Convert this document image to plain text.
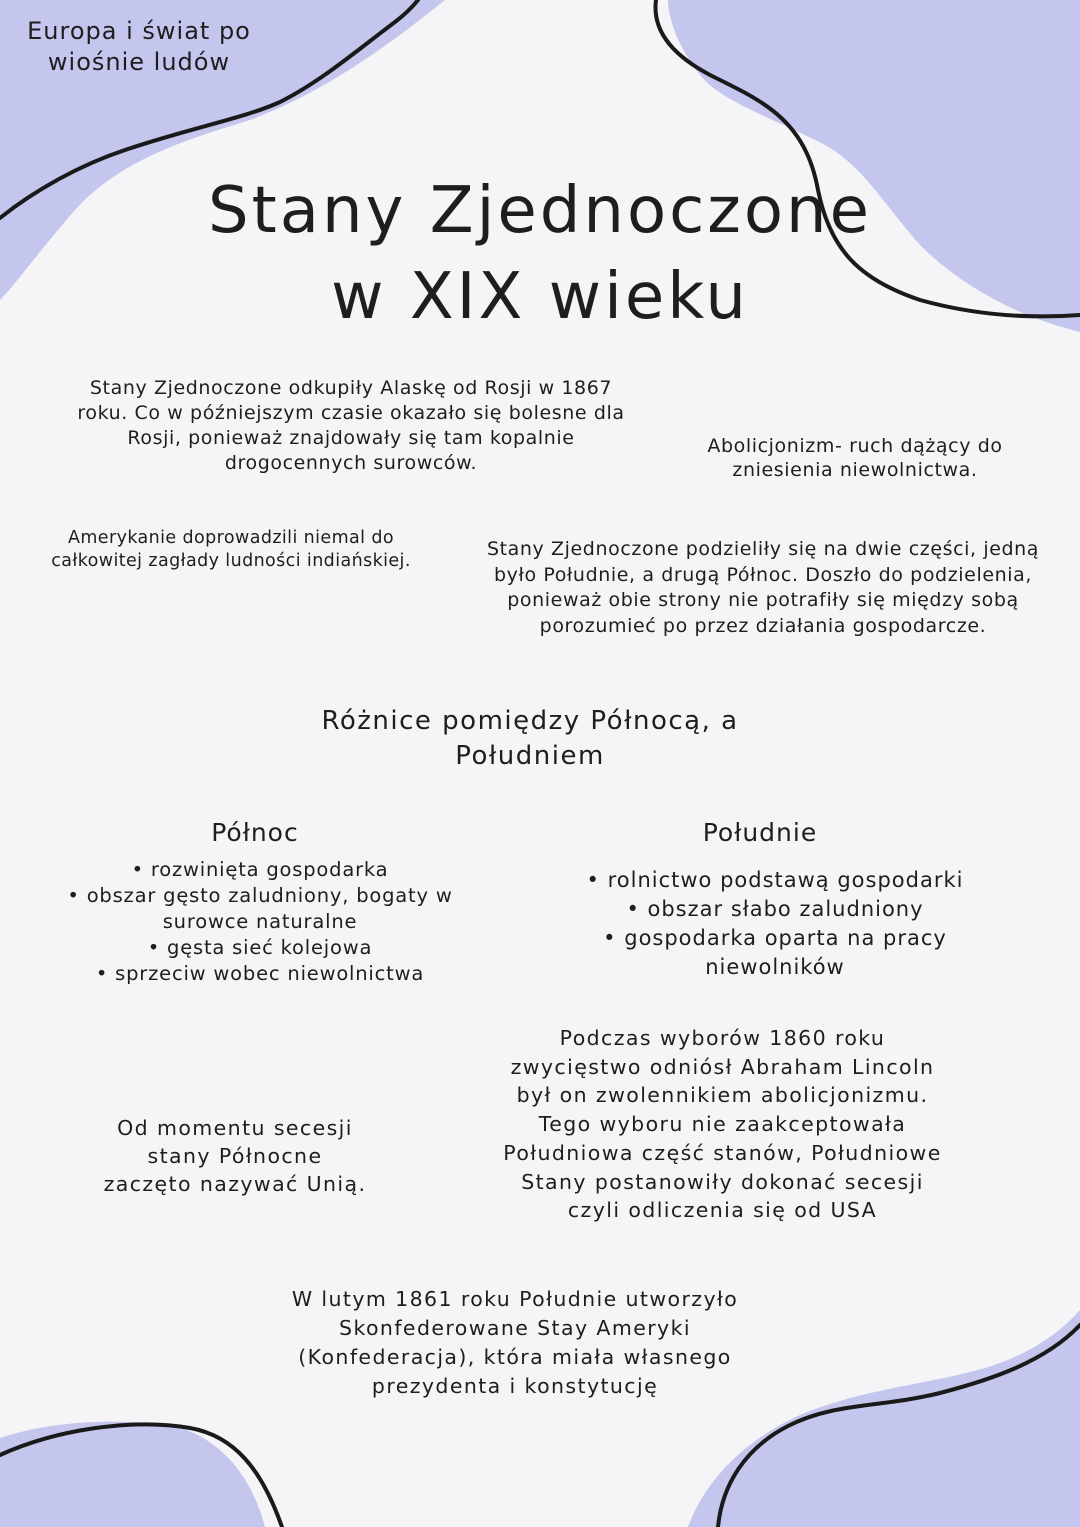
Europa i świat po
wiośnie ludów
Stany Zjednoczone
w XIX wieku
Stany Zjednoczone odkupiły Alaskę od Rosji w 1867
roku. Co w późniejszym czasie okazało się bolesne dla
Rosji, ponieważ znajdowały się tam kopalnie
drogocennych surowców.
Abolicjonizm- ruch dążący do
zniesienia niewolnictwa.
Amerykanie doprowadzili niemal do
całkowitej zagłady ludności indiańskiej.
Stany Zjednoczone podzieliły się na dwie części, jedną
było Południe, a drugą Północ. Doszło do podzielenia,
ponieważ obie strony nie potrafiły się między sobą
porozumieć po przez działania gospodarcze.
Różnice pomiędzy Północą, a
Południem
Północ
• rozwinięta gospodarka
• obszar gęsto zaludniony, bogaty w
surowce naturalne
• gęsta sieć kolejowa
• sprzeciw wobec niewolnictwa
Południe
• rolnictwo podstawą gospodarki
• obszar słabo zaludniony
• gospodarka oparta na pracy
niewolników
Od momentu secesji
stany Północne
zaczęto nazywać Unią.
Podczas wyborów 1860 roku
zwycięstwo odniósł Abraham Lincoln
był on zwolennikiem abolicjonizmu.
Tego wyboru nie zaakceptowała
Południowa część stanów, Południowe
Stany postanowiły dokonać secesji
czyli odliczenia się od USA
W lutym 1861 roku Południe utworzyło
Skonfederowane Stay Ameryki
(Konfederacja), która miała własnego
prezydenta i konstytucję
